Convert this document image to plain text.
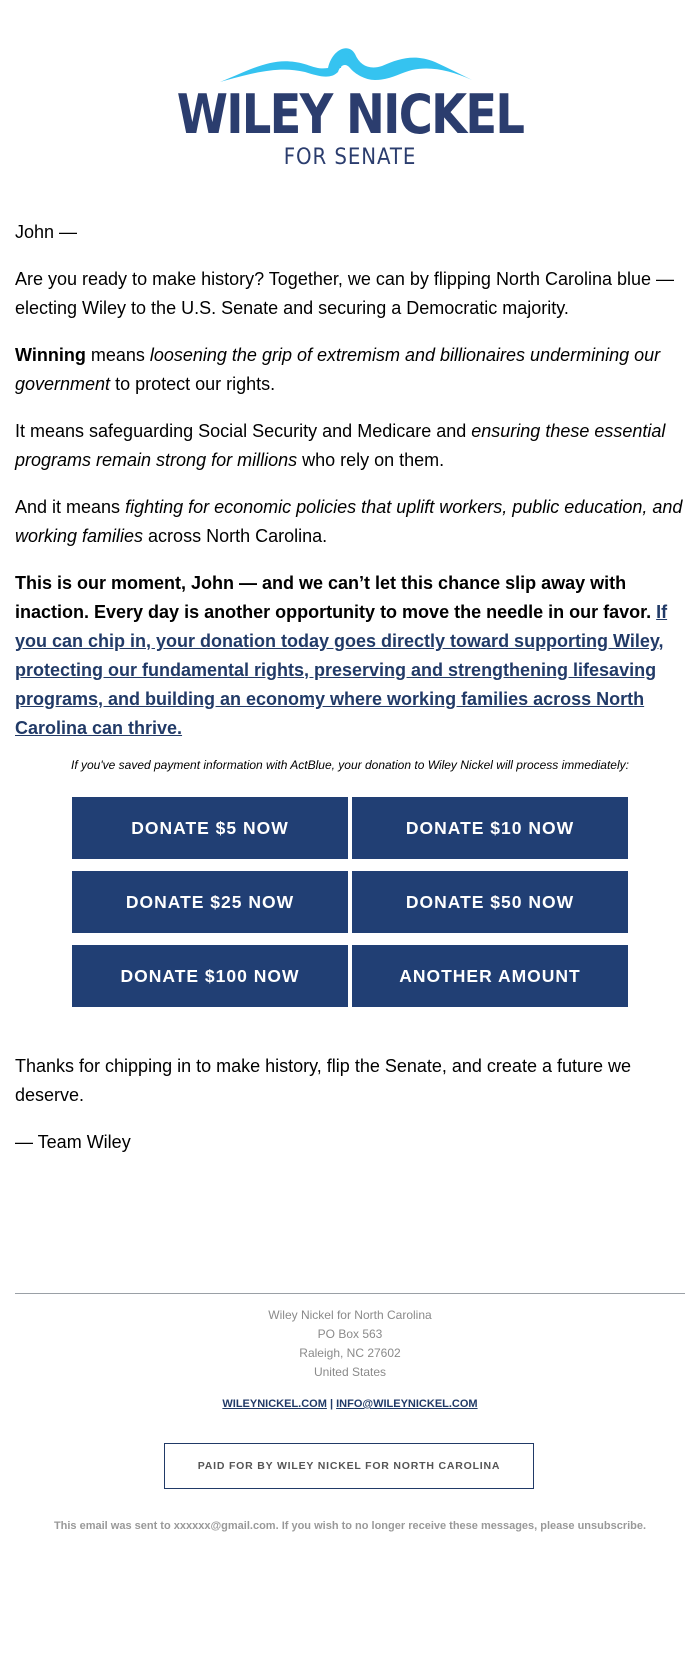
WILEY NICKEL
FOR SENATE

John —

Are you ready to make history? Together, we can by flipping North Carolina blue — electing Wiley to the U.S. Senate and securing a Democratic majority.

Winning means loosening the grip of extremism and billionaires undermining our government to protect our rights.

It means safeguarding Social Security and Medicare and ensuring these essential programs remain strong for millions who rely on them.

And it means fighting for economic policies that uplift workers, public education, and working families across North Carolina.

This is our moment, John — and we can’t let this chance slip away with inaction. Every day is another opportunity to move the needle in our favor. If you can chip in, your donation today goes directly toward supporting Wiley, protecting our fundamental rights, preserving and strengthening lifesaving programs, and building an economy where working families across North Carolina can thrive.

If you've saved payment information with ActBlue, your donation to Wiley Nickel will process immediately:
DONATE $5 NOW	DONATE $10 NOW
DONATE $25 NOW	DONATE $50 NOW
DONATE $100 NOW	ANOTHER AMOUNT

Thanks for chipping in to make history, flip the Senate, and create a future we deserve.

— Team Wiley

Wiley Nickel for North Carolina
PO Box 563
Raleigh, NC 27602
United States
WILEYNICKEL.COM | INFO@WILEYNICKEL.COM
PAID FOR BY WILEY NICKEL FOR NORTH CAROLINA
This email was sent to xxxxxx@gmail.com. If you wish to no longer receive these messages, please unsubscribe.
